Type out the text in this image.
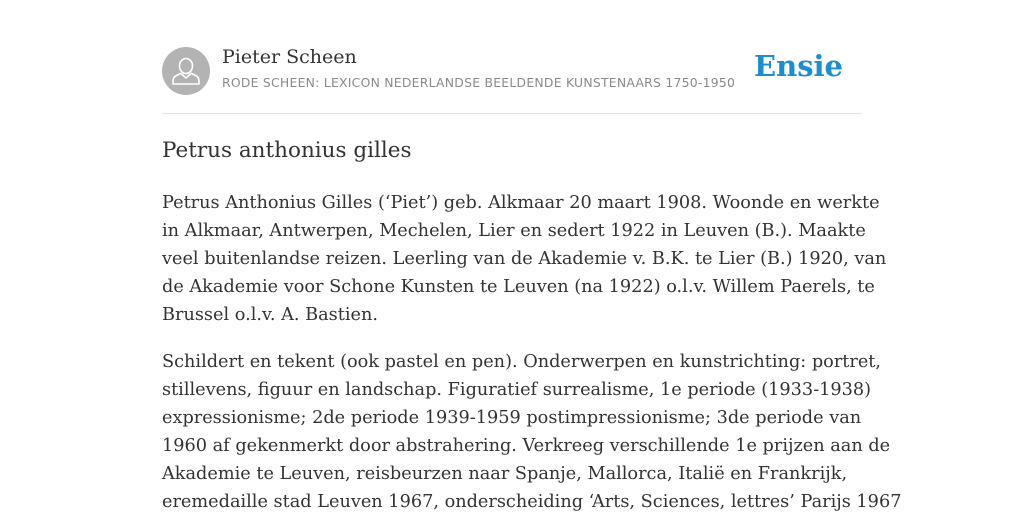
Pieter Scheen
RODE SCHEEN: LEXICON NEDERLANDSE BEELDENDE KUNSTENAARS 1750-1950 Ensie
Petrus anthonius gilles

Petrus Anthonius Gilles (‘Piet’) geb. Alkmaar 20 maart 1908. Woonde en werkte
in Alkmaar, Antwerpen, Mechelen, Lier en sedert 1922 in Leuven (B.). Maakte
veel buitenlandse reizen. Leerling van de Akademie v. B.K. te Lier (B.) 1920, van
de Akademie voor Schone Kunsten te Leuven (na 1922) o.l.v. Willem Paerels, te
Brussel o.l.v. A. Bastien.

Schildert en tekent (ook pastel en pen). Onderwerpen en kunstrichting: portret,
stillevens, figuur en landschap. Figuratief surrealisme, 1e periode (1933-1938)
expressionisme; 2de periode 1939-1959 postimpressionisme; 3de periode van
1960 af gekenmerkt door abstrahering. Verkreeg verschillende 1e prijzen aan de
Akademie te Leuven, reisbeurzen naar Spanje, Mallorca, Italië en Frankrijk,
eremedaille stad Leuven 1967, onderscheiding ‘Arts, Sciences, lettres’ Parijs 1967
